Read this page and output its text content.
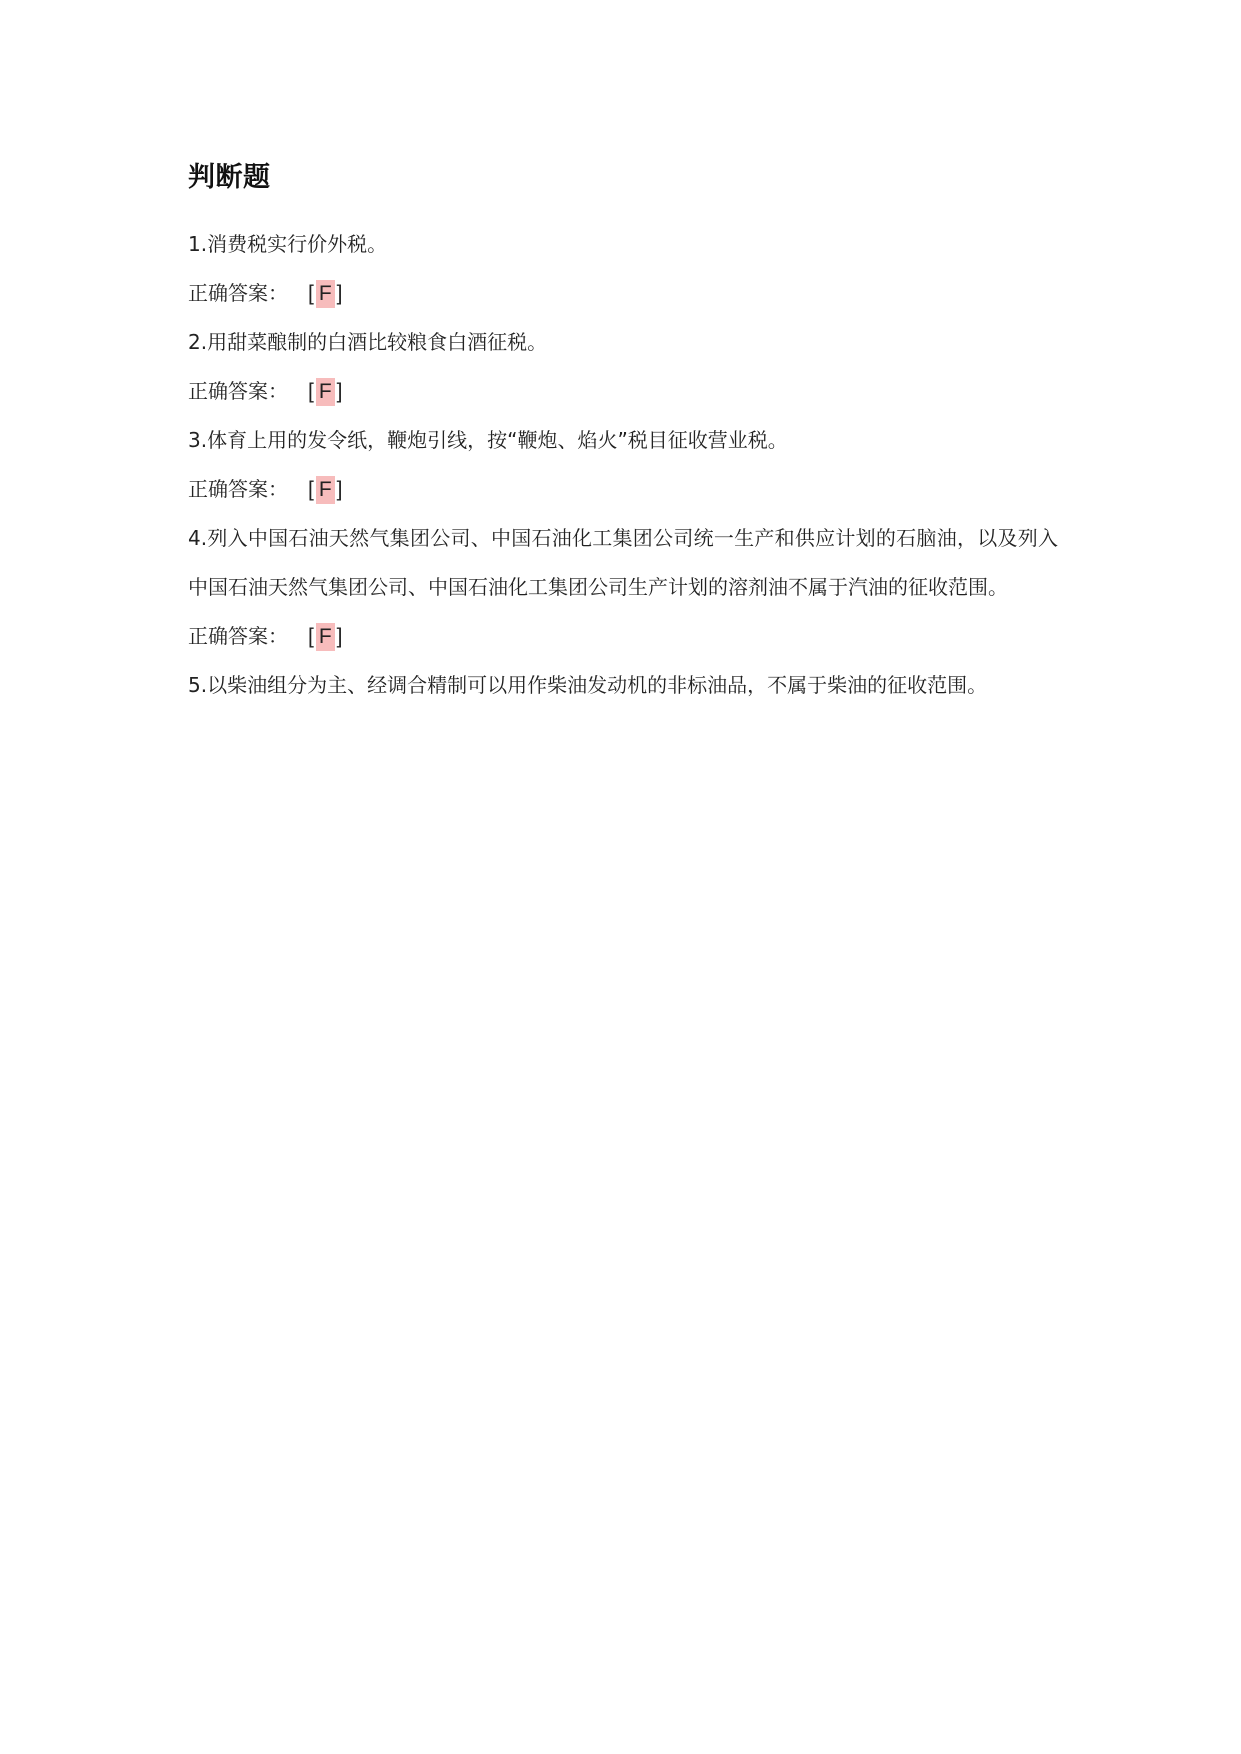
判断题

1.消费税实行价外税。

正确答案： [ F ]

2.用甜菜酿制的白酒比较粮食白酒征税。

正确答案： [ F ]

3.体育上用的发令纸，鞭炮引线，按“鞭炮、焰火”税目征收营业税。

正确答案： [ F ]

4.列入中国石油天然气集团公司、中国石油化工集团公司统一生产和供应计划的石脑油，以及列入中国石油天然气集团公司、中国石油化工集团公司生产计划的溶剂油不属于汽油的征收范围。

正确答案： [ F ]

5.以柴油组分为主、经调合精制可以用作柴油发动机的非标油品，不属于柴油的征收范围。
